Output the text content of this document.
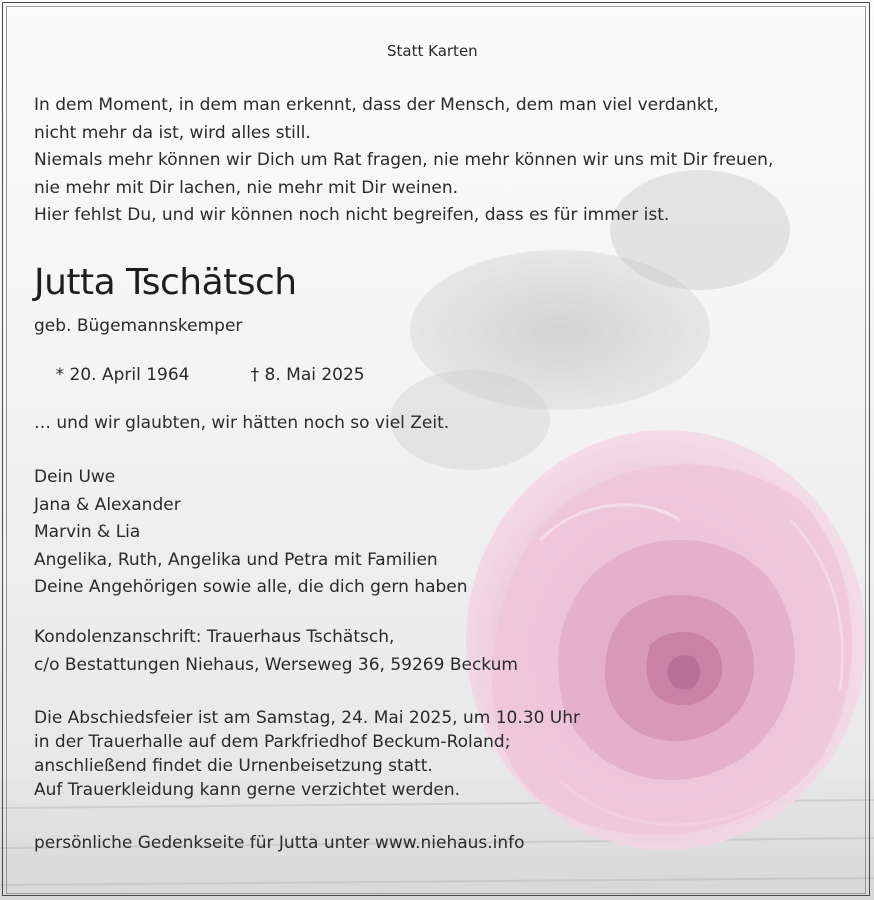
Statt Karten

In dem Moment, in dem man erkennt, dass der Mensch, dem man viel verdankt,
nicht mehr da ist, wird alles still.
Niemals mehr können wir Dich um Rat fragen, nie mehr können wir uns mit Dir freuen,
nie mehr mit Dir lachen, nie mehr mit Dir weinen.
Hier fehlst Du, und wir können noch nicht begreifen, dass es für immer ist.

Jutta Tschätsch

geb. Bügemannskemper

* 20. April 1964	† 8. Mai 2025

… und wir glaubten, wir hätten noch so viel Zeit.

Dein Uwe
Jana & Alexander
Marvin & Lia
Angelika, Ruth, Angelika und Petra mit Familien
Deine Angehörigen sowie alle, die dich gern haben
Kondolenzanschrift: Trauerhaus Tschätsch,
c/o Bestattungen Niehaus, Werseweg 36, 59269 Beckum
Die Abschiedsfeier ist am Samstag, 24. Mai 2025, um 10.30 Uhr
in der Trauerhalle auf dem Parkfriedhof Beckum-Roland;
anschließend findet die Urnenbeisetzung statt.
Auf Trauerkleidung kann gerne verzichtet werden.

persönliche Gedenkseite für Jutta unter www.niehaus.info
